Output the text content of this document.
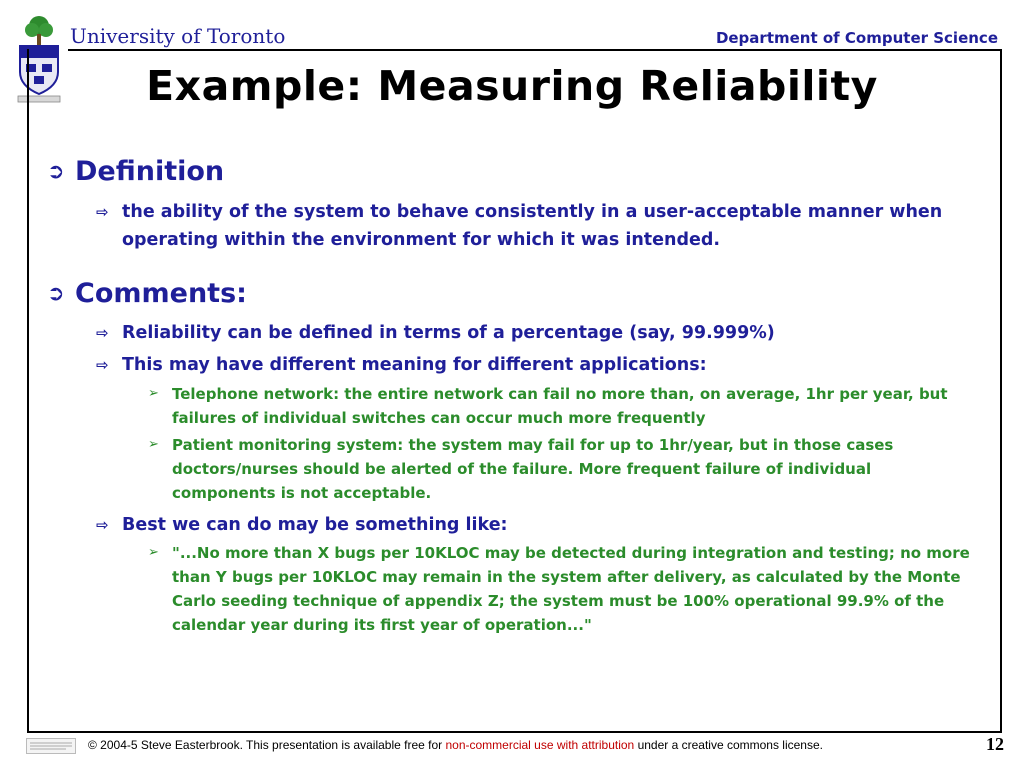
University of Toronto	Department of Computer Science
Example: Measuring Reliability
➲ Definition
⇨ the ability of the system to behave consistently in a user-acceptable manner when operating within the environment for which it was intended.
➲ Comments:
⇨ Reliability can be defined in terms of a percentage (say, 99.999%)
⇨ This may have different meaning for different applications:
➢ Telephone network: the entire network can fail no more than, on average, 1hr per year, but failures of individual switches can occur much more frequently
➢ Patient monitoring system: the system may fail for up to 1hr/year, but in those cases doctors/nurses should be alerted of the failure. More frequent failure of individual components is not acceptable.
⇨ Best we can do may be something like:
➢ "...No more than X bugs per 10KLOC may be detected during integration and testing; no more than Y bugs per 10KLOC may remain in the system after delivery, as calculated by the Monte Carlo seeding technique of appendix Z; the system must be 100% operational 99.9% of the calendar year during its first year of operation..."
© 2004-5 Steve Easterbrook. This presentation is available free for non-commercial use with attribution under a creative commons license.	12
